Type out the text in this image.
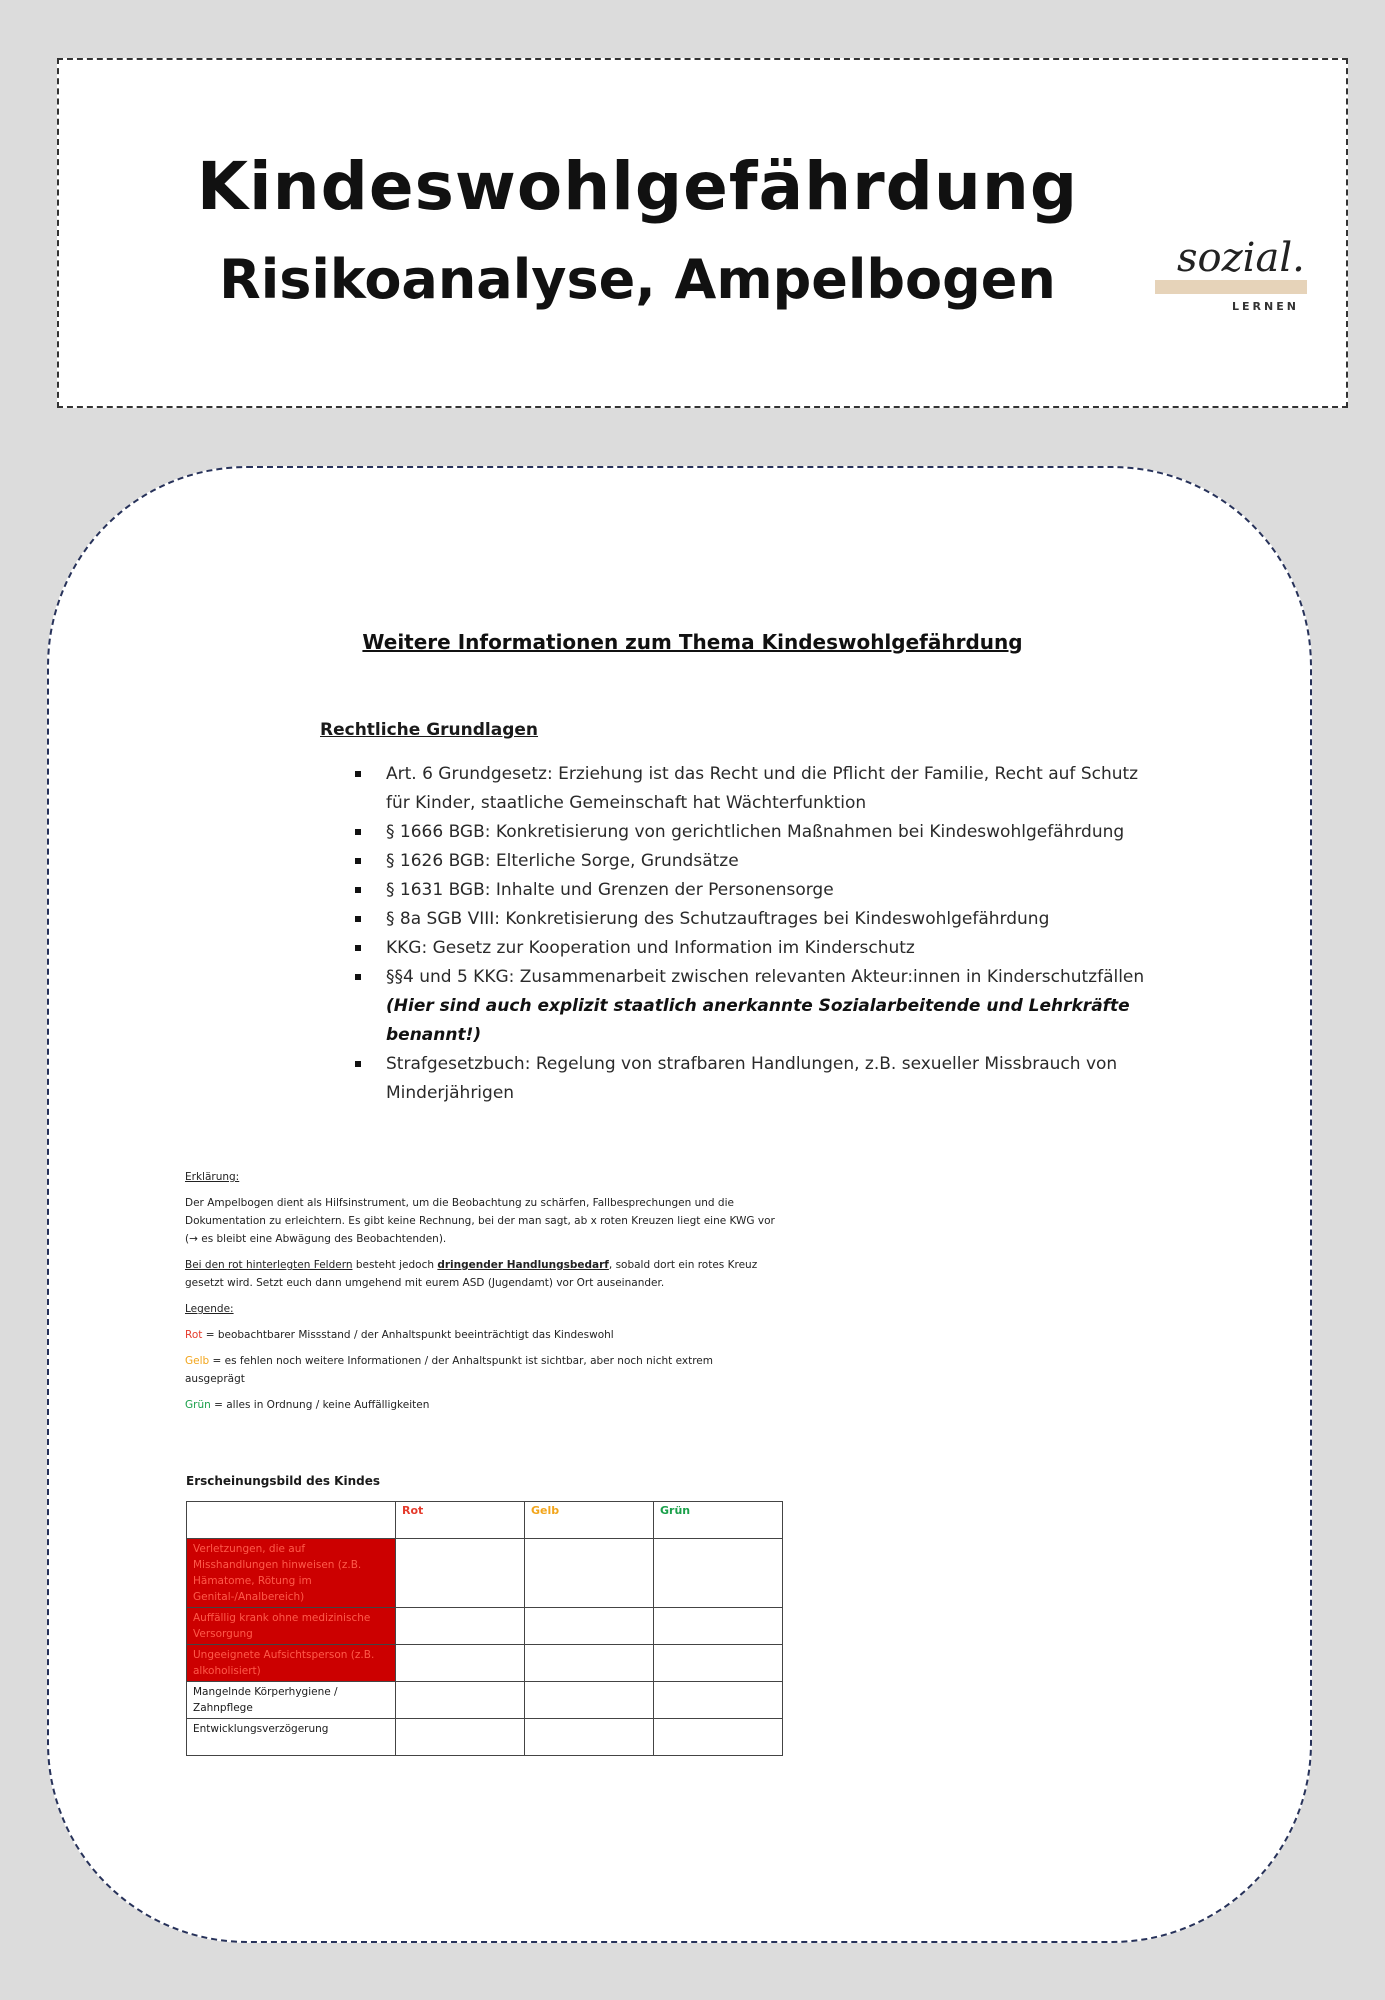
Kindeswohlgefährdung
Risikoanalyse, Ampelbogen	sozial.
LERNEN
Weitere Informationen zum Thema Kindeswohlgefährdung
Rechtliche Grundlagen
Art. 6 Grundgesetz: Erziehung ist das Recht und die Pflicht der Familie, Recht auf Schutz für Kinder, staatliche Gemeinschaft hat Wächterfunktion
§ 1666 BGB: Konkretisierung von gerichtlichen Maßnahmen bei Kindeswohlgefährdung
§ 1626 BGB: Elterliche Sorge, Grundsätze
§ 1631 BGB: Inhalte und Grenzen der Personensorge
§ 8a SGB VIII: Konkretisierung des Schutzauftrages bei Kindeswohlgefährdung
KKG: Gesetz zur Kooperation und Information im Kinderschutz
§§4 und 5 KKG: Zusammenarbeit zwischen relevanten Akteur:innen in Kinderschutzfällen
(Hier sind auch explizit staatlich anerkannte Sozialarbeitende und Lehrkräfte benannt!)
Strafgesetzbuch: Regelung von strafbaren Handlungen, z.B. sexueller Missbrauch von Minderjährigen

Erklärung:

Der Ampelbogen dient als Hilfsinstrument, um die Beobachtung zu schärfen, Fallbesprechungen und die Dokumentation zu erleichtern. Es gibt keine Rechnung, bei der man sagt, ab x roten Kreuzen liegt eine KWG vor (→ es bleibt eine Abwägung des Beobachtenden).

Bei den rot hinterlegten Feldern besteht jedoch dringender Handlungsbedarf, sobald dort ein rotes Kreuz gesetzt wird. Setzt euch dann umgehend mit eurem ASD (Jugendamt) vor Ort auseinander.

Legende:

Rot = beobachtbarer Missstand / der Anhaltspunkt beeinträchtigt das Kindeswohl

Gelb = es fehlen noch weitere Informationen / der Anhaltspunkt ist sichtbar, aber noch nicht extrem ausgeprägt

Grün = alles in Ordnung / keine Auffälligkeiten

Erscheinungsbild des Kindes
	Rot	Gelb	Grün
Verletzungen, die auf Misshandlungen hinweisen (z.B. Hämatome, Rötung im Genital-/Analbereich)			
Auffällig krank ohne medizinische Versorgung			
Ungeeignete Aufsichtsperson (z.B. alkoholisiert)			
Mangelnde Körperhygiene / Zahnpflege			
Entwicklungsverzögerung			
